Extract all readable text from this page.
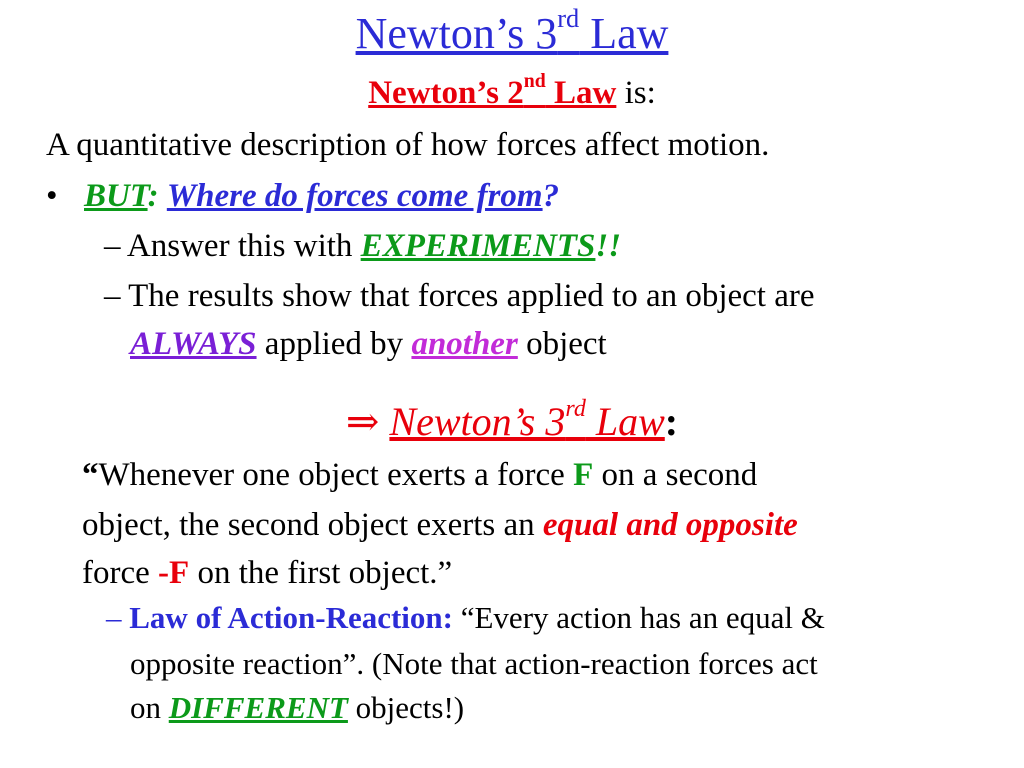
Newton’s 3rd Law
Newton’s 2nd Law is:
A quantitative description of how forces affect motion.
• BUT: Where do forces come from?
– Answer this with EXPERIMENTS!!
– The results show that forces applied to an object are
ALWAYS applied by another object
⇒ Newton’s 3rd Law:
“Whenever one object exerts a force F on a second
object, the second object exerts an equal and opposite
force -F on the first object.”
– Law of Action-Reaction: “Every action has an equal &
opposite reaction”. (Note that action-reaction forces act
on DIFFERENT objects!)
